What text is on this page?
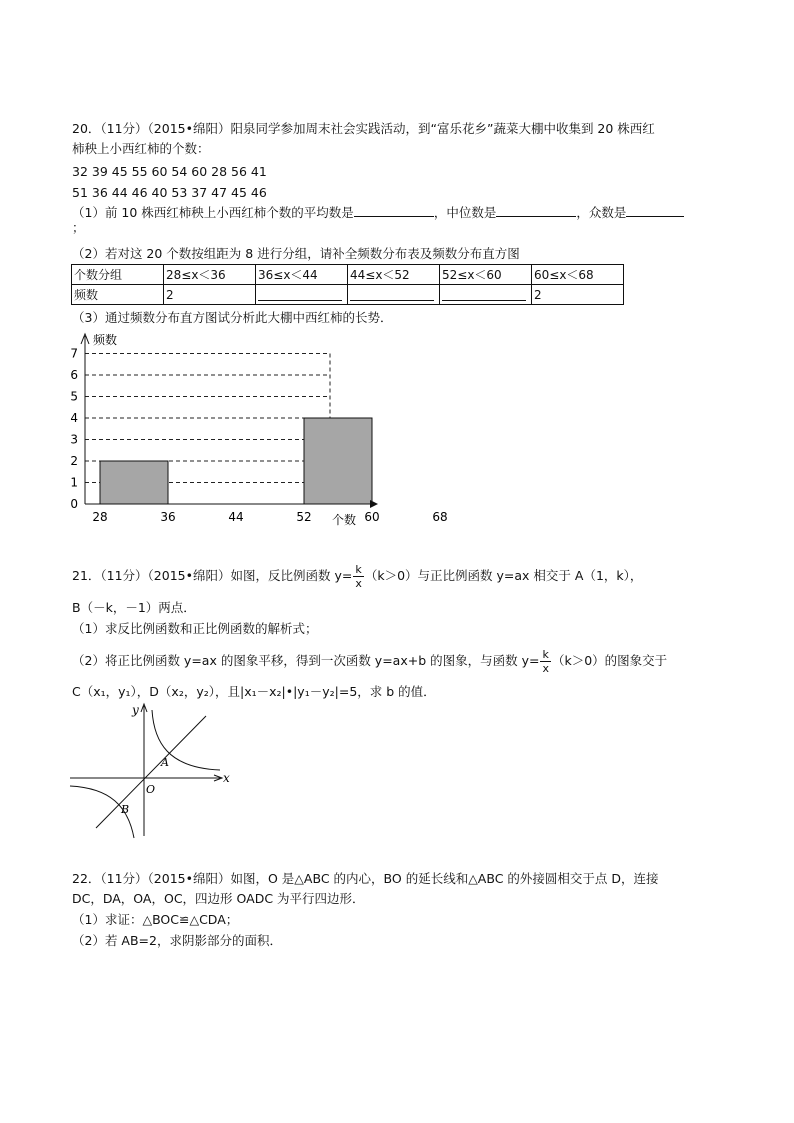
20．（11分）（2015•绵阳）阳泉同学参加周末社会实践活动，到“富乐花乡”蔬菜大棚中收集到 20 株西红
柿秧上小西红柿的个数：
32 39 45 55 60 54 60 28 56 41
51 36 44 46 40 53 37 47 45 46
（1）前 10 株西红柿秧上小西红柿个数的平均数是	，中位数是	，众数是
；
（2）若对这 20 个数按组距为 8 进行分组，请补全频数分布表及频数分布直方图
个数分组	28≤x＜36	36≤x＜44	44≤x＜52	52≤x＜60	60≤x＜68
频数	2				2
（3）通过频数分布直方图试分析此大棚中西红柿的长势．
频数
个数
0
1
2
3
4
5
6
7
28	36	44	52	60	68
21．（11分）（2015•绵阳）如图，反比例函数 $y= \frac{k}{x} (k>0)$与正比例函数 y=ax 相交于 A（1，k），
B（－k，－1）两点．
（1）求反比例函数和正比例函数的解析式；
（2）将正比例函数 y=ax 的图象平移，得到一次函数 y=ax+b 的图象，与函数 $y= \frac{k}{x} (k>0)$的图象交于
C（x₁，y₁），D（x₂，y₂），且|x₁－x₂|•|y₁－y₂|=5，求 b 的值．
y
x
O
A
B
22．（11分）（2015•绵阳）如图，O 是△ABC 的内心，BO 的延长线和△ABC 的外接圆相交于点 D，连接
DC，DA，OA，OC，四边形 OADC 为平行四边形．
（1）求证：△BOC≌△CDA；
（2）若 AB=2，求阴影部分的面积．
